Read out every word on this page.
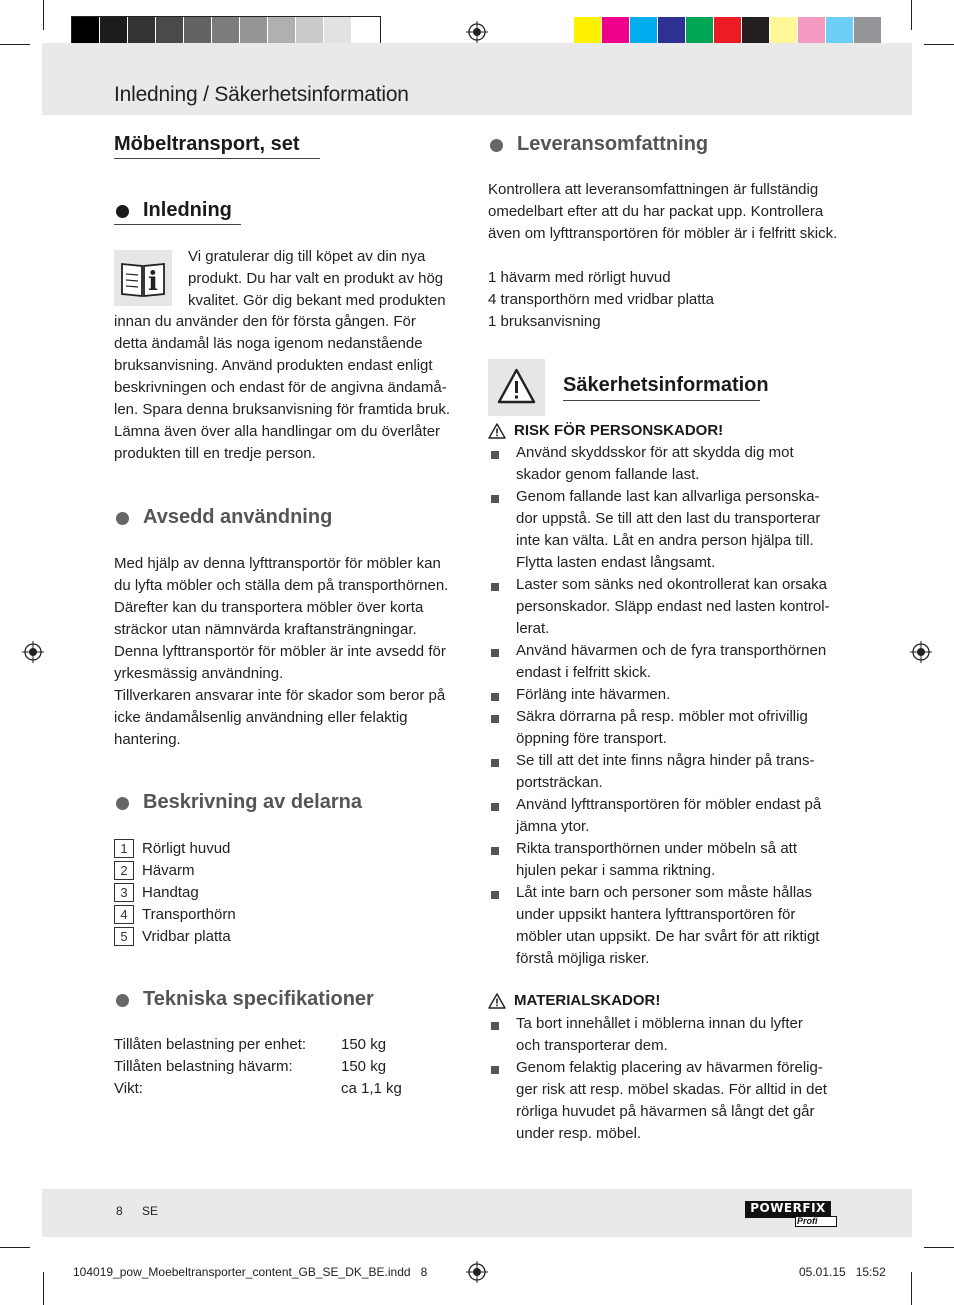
Inledning / Säkerhetsinformation
Möbeltransport, set
Inledning
i
Vi gratulerar dig till köpet av din nya
produkt. Du har valt en produkt av hög
kvalitet. Gör dig bekant med produkten
innan du använder den för första gången. För
detta ändamål läs noga igenom nedanstående
bruksanvisning. Använd produkten endast enligt
beskrivningen och endast för de angivna ändamå-
len. Spara denna bruksanvisning för framtida bruk.
Lämna även över alla handlingar om du överlåter
produkten till en tredje person.
Avsedd användning
Med hjälp av denna lyfttransportör för möbler kan
du lyfta möbler och ställa dem på transporthörnen.
Därefter kan du transportera möbler över korta
sträckor utan nämnvärda kraftansträngningar.
Denna lyfttransportör för möbler är inte avsedd för
yrkesmässig användning.
Tillverkaren ansvarar inte för skador som beror på
icke ändamålsenlig användning eller felaktig
hantering.
Beskrivning av delarna
1 Rörligt huvud
2 Hävarm
3 Handtag
4 Transporthörn
5 Vridbar platta
Tekniska specifikationer
Tillåten belastning per enhet: 150 kg
Tillåten belastning hävarm:	150 kg
Vikt:	ca 1,1 kg
Leveransomfattning
Kontrollera att leveransomfattningen är fullständig
omedelbart efter att du har packat upp. Kontrollera
även om lyfttransportören för möbler är i felfritt skick.
1 hävarm med rörligt huvud
4 transporthörn med vridbar platta
1 bruksanvisning
Säkerhetsinformation
RISK FÖR PERSONSKADOR!
Använd skyddsskor för att skydda dig mot
skador genom fallande last.
Genom fallande last kan allvarliga personska-
dor uppstå. Se till att den last du transporterar
inte kan välta. Låt en andra person hjälpa till.
Flytta lasten endast långsamt.
Laster som sänks ned okontrollerat kan orsaka
personskador. Släpp endast ned lasten kontrol-
lerat.
Använd hävarmen och de fyra transporthörnen
endast i felfritt skick.
Förläng inte hävarmen.
Säkra dörrarna på resp. möbler mot ofrivillig
öppning före transport.
Se till att det inte finns några hinder på trans-
portsträckan.
Använd lyfttransportören för möbler endast på
jämna ytor.
Rikta transporthörnen under möbeln så att
hjulen pekar i samma riktning.
Låt inte barn och personer som måste hållas
under uppsikt hantera lyfttransportören för
möbler utan uppsikt. De har svårt för att riktigt
förstå möjliga risker.
MATERIALSKADOR!
Ta bort innehållet i möblerna innan du lyfter
och transporterar dem.
Genom felaktig placering av hävarmen förelig-
ger risk att resp. möbel skadas. För alltid in det
rörliga huvudet på hävarmen så långt det går
under resp. möbel.
8 SE	POWERFIX
Profi
104019_pow_Moebeltransporter_content_GB_SE_DK_BE.indd   8	05.01.15   15:52
